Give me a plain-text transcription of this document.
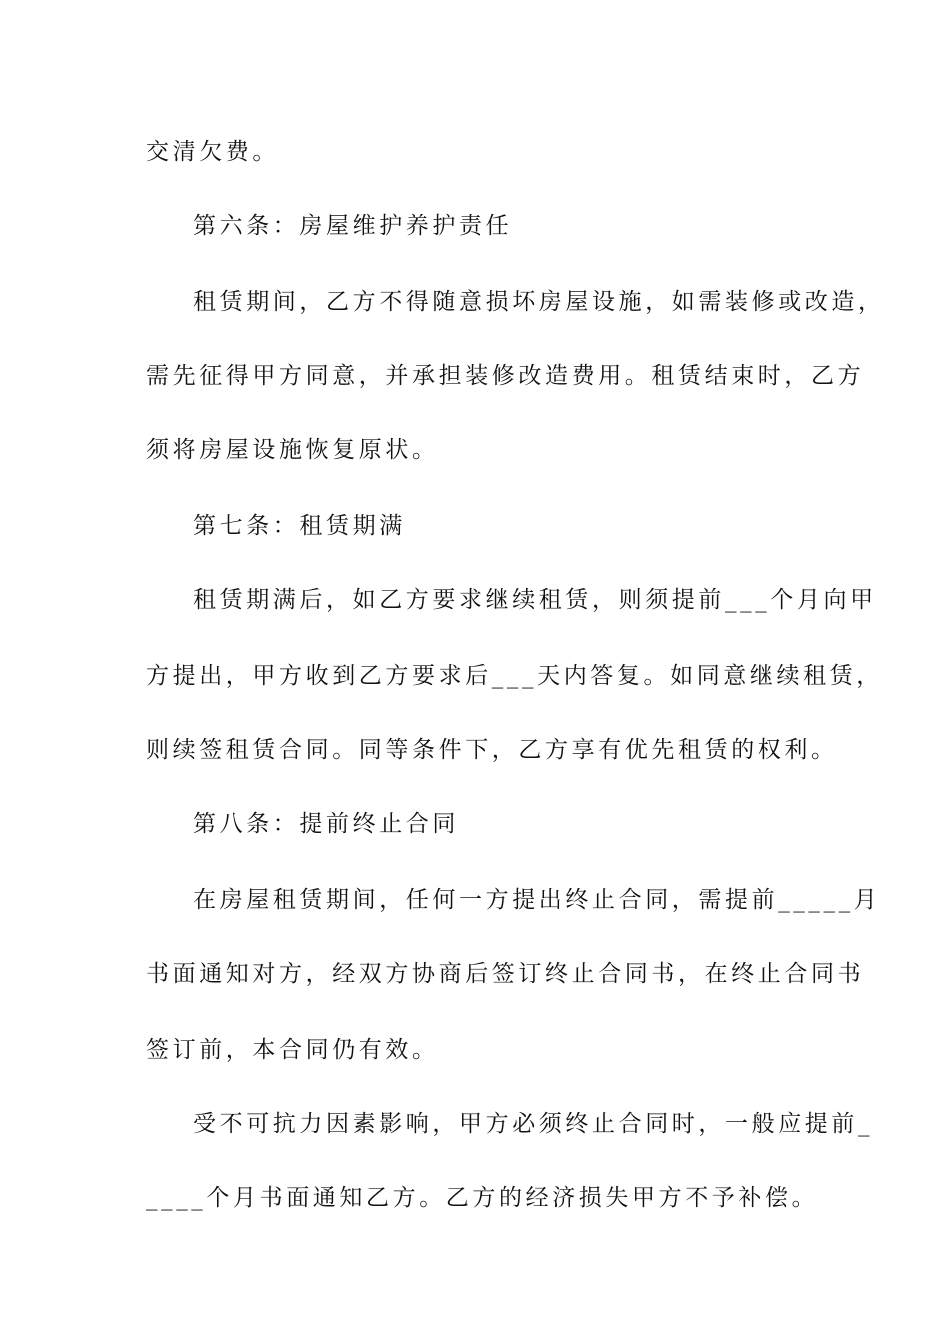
交清欠费。
第六条：房屋维护养护责任
租赁期间，乙方不得随意损坏房屋设施，如需装修或改造，
需先征得甲方同意，并承担装修改造费用。租赁结束时，乙方
须将房屋设施恢复原状。
第七条：租赁期满
租赁期满后，如乙方要求继续租赁，则须提前___个月向甲
方提出，甲方收到乙方要求后___天内答复。如同意继续租赁，
则续签租赁合同。同等条件下，乙方享有优先租赁的权利。
第八条：提前终止合同
在房屋租赁期间，任何一方提出终止合同，需提前_____月
书面通知对方，经双方协商后签订终止合同书，在终止合同书
签订前，本合同仍有效。
受不可抗力因素影响，甲方必须终止合同时，一般应提前_
____个月书面通知乙方。乙方的经济损失甲方不予补偿。
